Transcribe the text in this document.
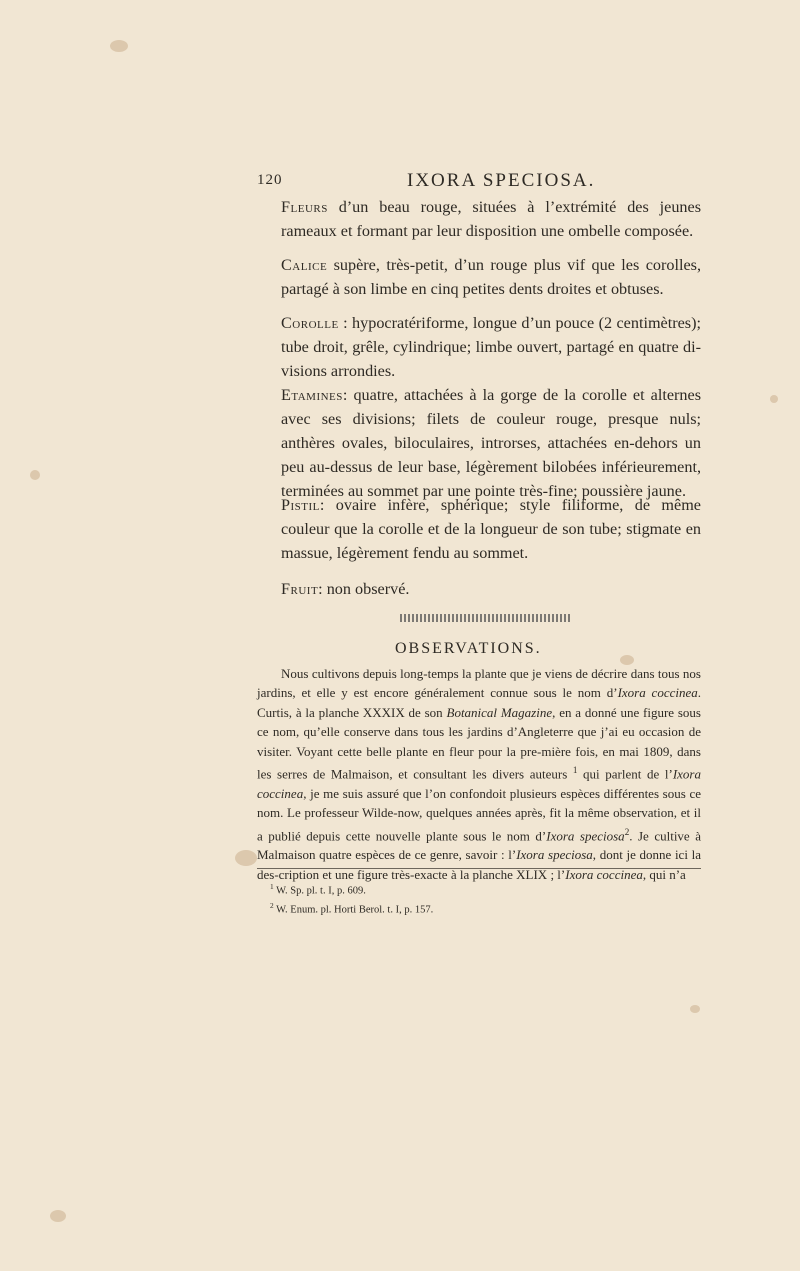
120	IXORA SPECIOSA.

Fleurs d’un beau rouge, situées à l’extrémité des jeunes rameaux et formant par leur disposition une ombelle composée.

Calice supère, très-petit, d’un rouge plus vif que les corolles, partagé à son limbe en cinq petites dents droites et obtuses.

Corolle : hypocratériforme, longue d’un pouce (2 centimètres); tube droit, grêle, cylindrique; limbe ouvert, partagé en quatre di-visions arrondies.

Etamines: quatre, attachées à la gorge de la corolle et alternes avec ses divisions; filets de couleur rouge, presque nuls; anthères ovales, biloculaires, introrses, attachées en-dehors un peu au-dessus de leur base, légèrement bilobées inférieurement, terminées au sommet par une pointe très-fine; poussière jaune.

Pistil: ovaire infère, sphérique; style filiforme, de même couleur que la corolle et de la longueur de son tube; stigmate en massue, légèrement fendu au sommet.

Fruit: non observé.

OBSERVATIONS.

Nous cultivons depuis long-temps la plante que je viens de décrire dans tous nos jardins, et elle y est encore généralement connue sous le nom d’Ixora coccinea. Curtis, à la planche XXXIX de son Botanical Magazine, en a donné une figure sous ce nom, qu’elle conserve dans tous les jardins d’Angleterre que j’ai eu occasion de visiter. Voyant cette belle plante en fleur pour la pre-mière fois, en mai 1809, dans les serres de Malmaison, et consultant les divers auteurs $^1$ qui parlent de l’Ixora coccinea, je me suis assuré que l’on confondoit plusieurs espèces différentes sous ce nom. Le professeur Wilde-now, quelques années après, fit la même observation, et il a publié depuis cette nouvelle plante sous le nom d’Ixora speciosa$^2$. Je cultive à Malmaison quatre espèces de ce genre, savoir : l’Ixora speciosa, dont je donne ici la des-cription et une figure très-exacte à la planche XLIX ; l’Ixora coccinea, qui n’a

$^1$ W. Sp. pl. t. I, p. 609.
$^2$ W. Enum. pl. Horti Berol. t. I, p. 157.
